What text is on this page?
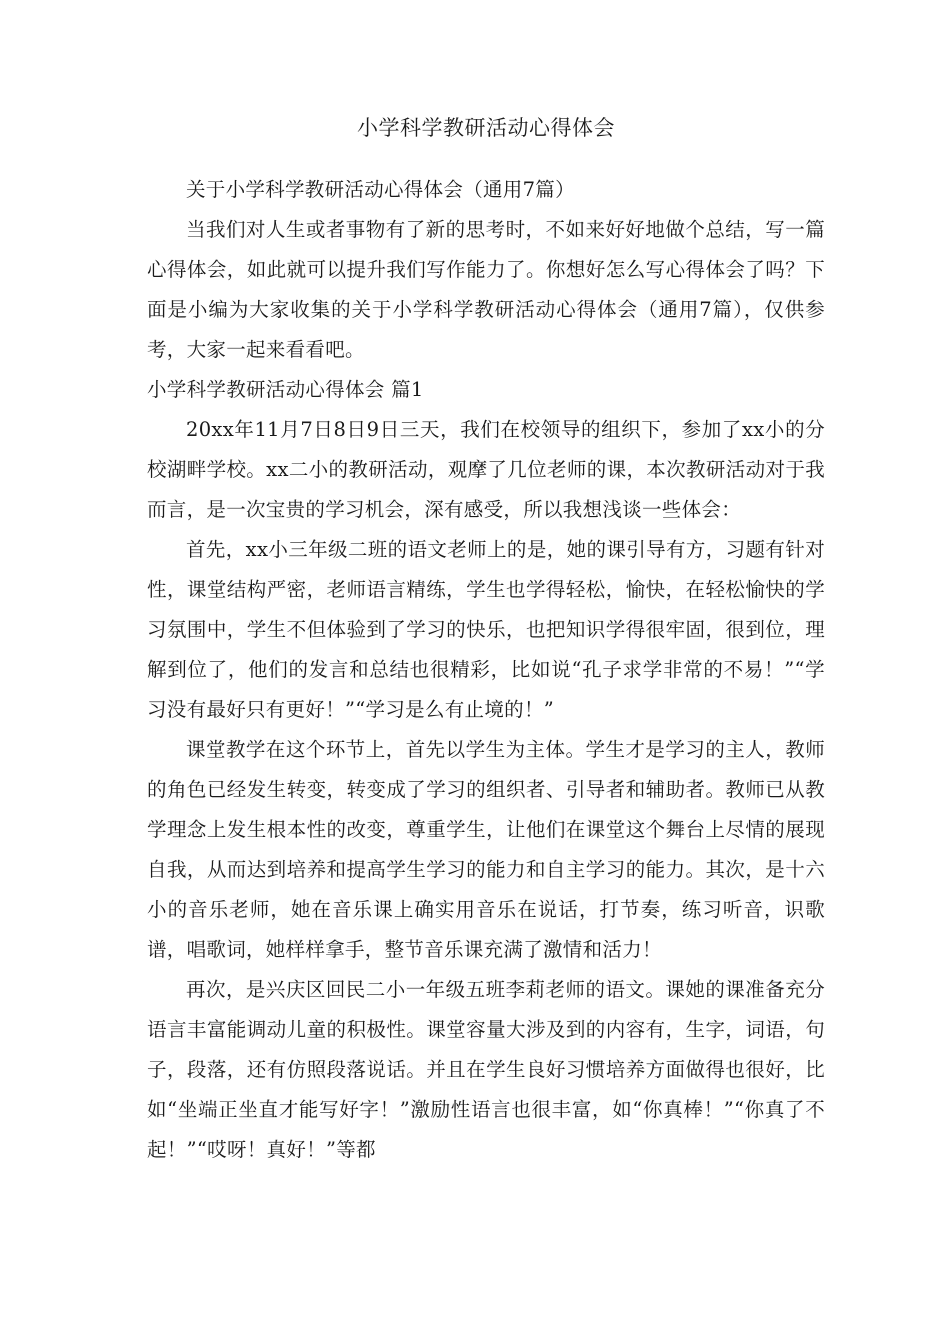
小学科学教研活动心得体会

关于小学科学教研活动心得体会（通用7篇）

当我们对人生或者事物有了新的思考时，不如来好好地做个总结，写一篇心得体会，如此就可以提升我们写作能力了。你想好怎么写心得体会了吗？下面是小编为大家收集的关于小学科学教研活动心得体会（通用7篇），仅供参考，大家一起来看看吧。

小学科学教研活动心得体会 篇1

20xx年11月7日8日9日三天，我们在校领导的组织下，参加了xx小的分校湖畔学校。xx二小的教研活动，观摩了几位老师的课，本次教研活动对于我而言，是一次宝贵的学习机会，深有感受，所以我想浅谈一些体会：

首先，xx小三年级二班的语文老师上的是，她的课引导有方，习题有针对性，课堂结构严密，老师语言精练，学生也学得轻松，愉快，在轻松愉快的学习氛围中，学生不但体验到了学习的快乐，也把知识学得很牢固，很到位，理解到位了，他们的发言和总结也很精彩，比如说“孔子求学非常的不易！”“学习没有最好只有更好！”“学习是么有止境的！”

课堂教学在这个环节上，首先以学生为主体。学生才是学习的主人，教师的角色已经发生转变，转变成了学习的组织者、引导者和辅助者。教师已从教学理念上发生根本性的改变，尊重学生，让他们在课堂这个舞台上尽情的展现自我，从而达到培养和提高学生学习的能力和自主学习的能力。其次，是十六小的音乐老师，她在音乐课上确实用音乐在说话，打节奏，练习听音，识歌谱，唱歌词，她样样拿手，整节音乐课充满了激情和活力！

再次，是兴庆区回民二小一年级五班李莉老师的语文。课她的课准备充分语言丰富能调动儿童的积极性。课堂容量大涉及到的内容有，生字，词语，句子，段落，还有仿照段落说话。并且在学生良好习惯培养方面做得也很好，比如“坐端正坐直才能写好字！”激励性语言也很丰富，如“你真棒！”“你真了不起！”“哎呀！真好！”等都
